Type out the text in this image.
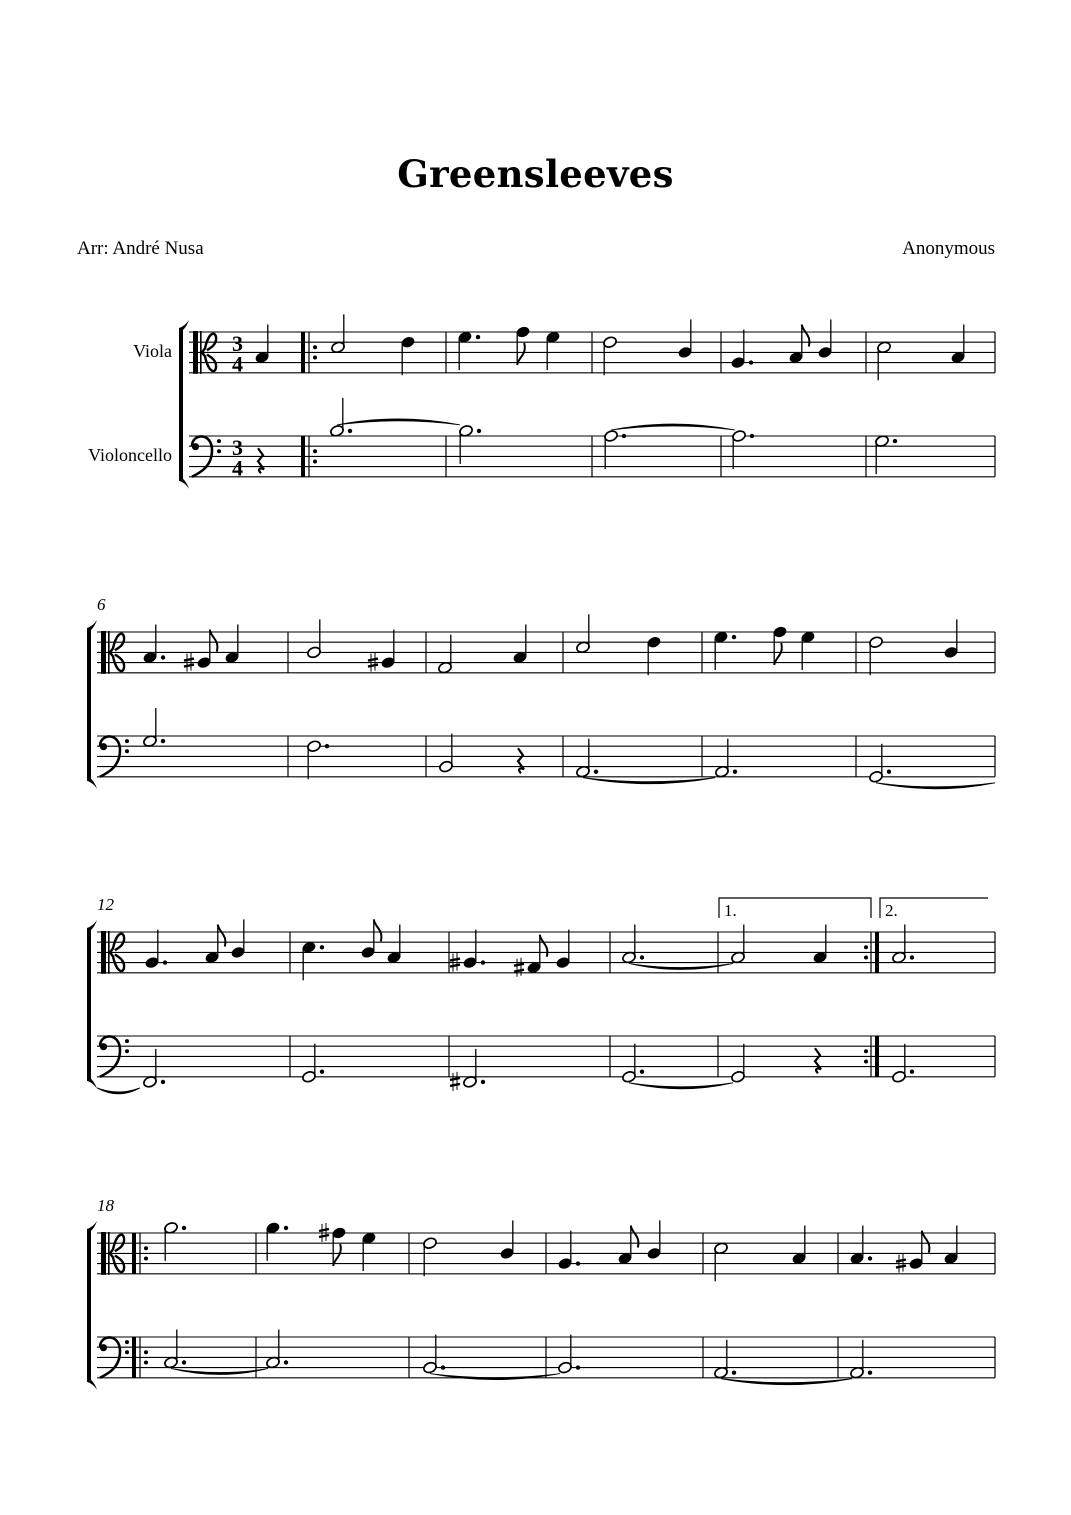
Greensleeves
Arr: André Nusa	Anonymous
Viola
Violoncello
6
12
18
3
4
3
4
1.	2.
